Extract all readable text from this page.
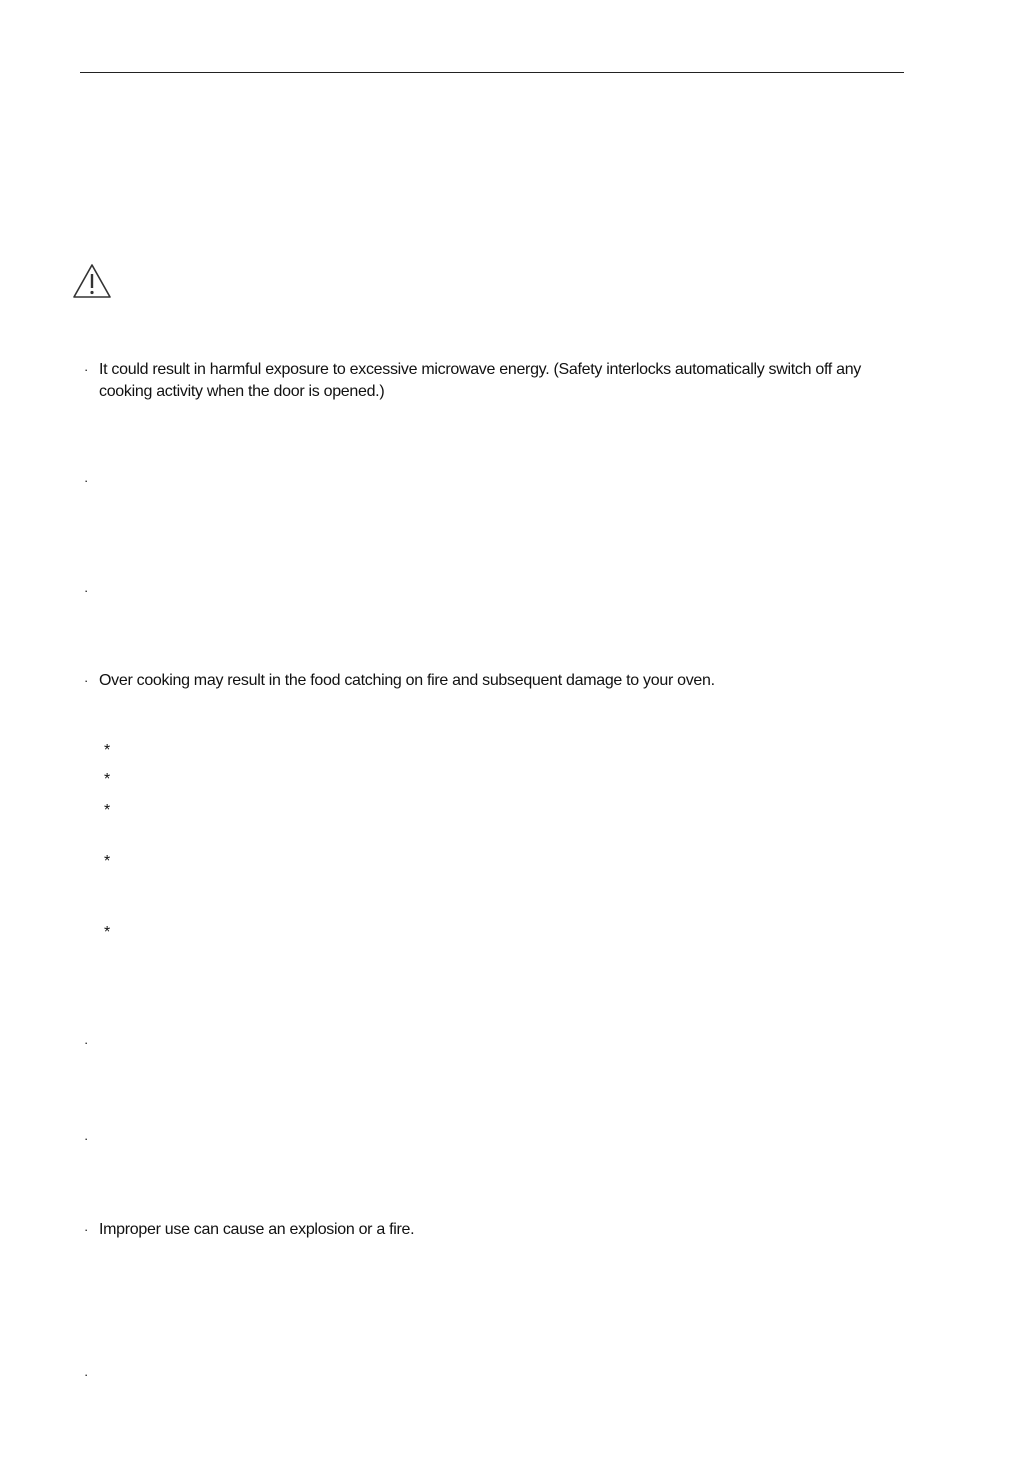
· It could result in harmful exposure to excessive microwave energy. (Safety interlocks automatically switch off any cooking activity when the door is opened.)
·
·
· Over cooking may result in the food catching on fire and subsequent damage to your oven.
*
*
*
*
*
·
·
· Improper use can cause an explosion or a fire.
·
